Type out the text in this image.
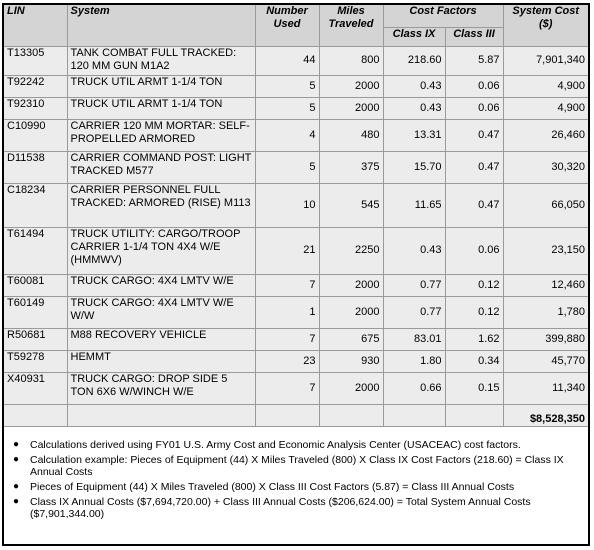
LIN	System	Number Used	Miles Traveled	Cost Factors		System Cost ($)
				Class IX	Class III	
T13305	TANK COMBAT FULL TRACKED: 120 MM GUN M1A2	44	800	218.60	5.87	7,901,340
T92242	TRUCK UTIL ARMT 1-1/4 TON	5	2000	0.43	0.06	4,900
T92310	TRUCK UTIL ARMT 1-1/4 TON	5	2000	0.43	0.06	4,900
C10990	CARRIER 120 MM MORTAR: SELF-PROPELLED ARMORED	4	480	13.31	0.47	26,460
D11538	CARRIER COMMAND POST: LIGHT TRACKED M577	5	375	15.70	0.47	30,320
C18234	CARRIER PERSONNEL FULL TRACKED: ARMORED (RISE) M113	10	545	11.65	0.47	66,050
T61494	TRUCK UTILITY: CARGO/TROOP CARRIER 1-1/4 TON 4X4 W/E (HMMWV)	21	2250	0.43	0.06	23,150
T60081	TRUCK CARGO: 4X4 LMTV W/E	7	2000	0.77	0.12	12,460
T60149	TRUCK CARGO: 4X4 LMTV W/E W/W	1	2000	0.77	0.12	1,780
R50681	M88 RECOVERY VEHICLE	7	675	83.01	1.62	399,880
T59278	HEMMT	23	930	1.80	0.34	45,770
X40931	TRUCK CARGO: DROP SIDE 5 TON 6X6 W/WINCH W/E	7	2000	0.66	0.15	11,340
						$8,528,350
● Calculations derived using FY01 U.S. Army Cost and Economic Analysis Center (USACEAC) cost factors.
● Calculation example: Pieces of Equipment (44) X Miles Traveled (800) X Class IX Cost Factors (218.60) = Class IX Annual Costs
● Pieces of Equipment (44) X Miles Traveled (800) X Class III Cost Factors (5.87) = Class III Annual Costs
● Class IX Annual Costs ($7,694,720.00) + Class III Annual Costs ($206,624.00) = Total System Annual Costs ($7,901,344.00)
